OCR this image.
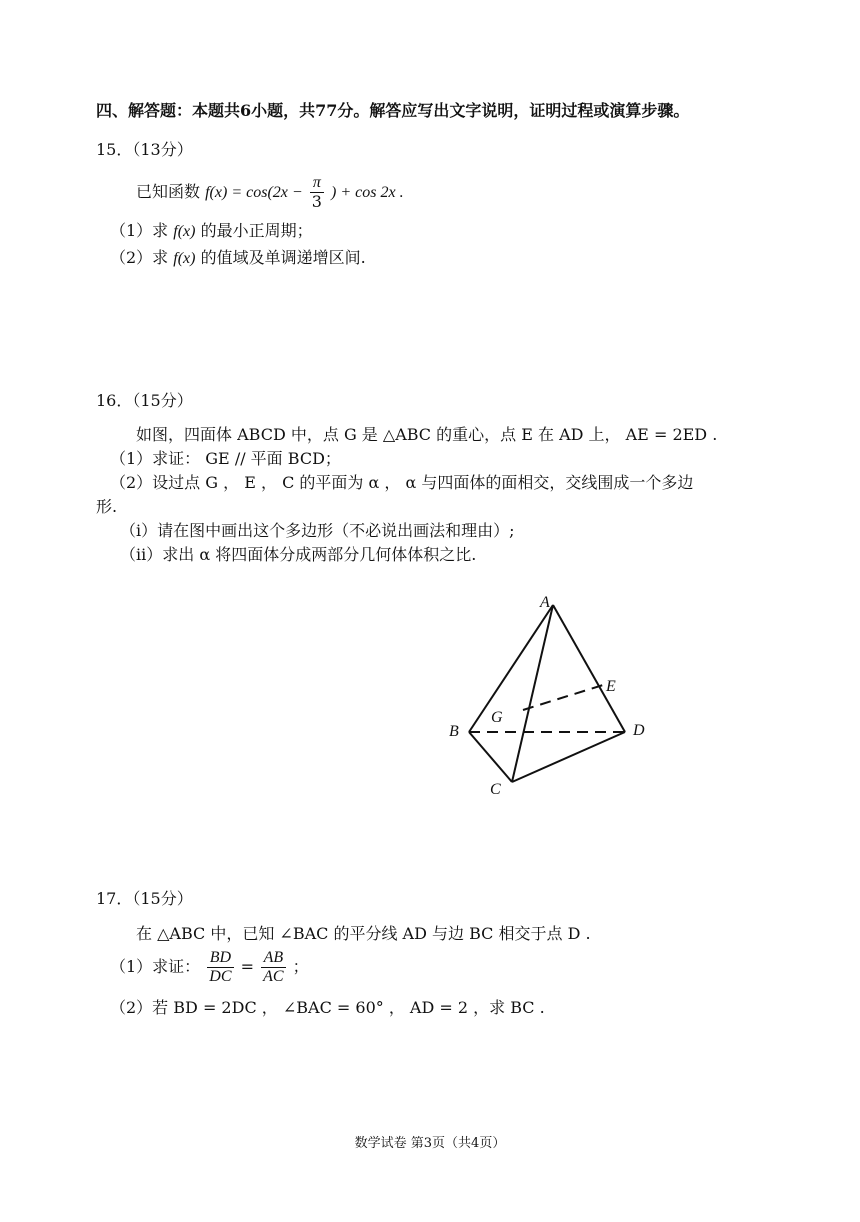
四、解答题：本题共6小题，共77分。解答应写出文字说明，证明过程或演算步骤。
15．（13分）
已知函数 $f(x) = \cos(2x - \frac{\pi}{3}$ ) + cos 2x .
（1）求 f(x) 的最小正周期；
（2）求 f(x) 的值域及单调递增区间.
16．（15分）
如图，四面体 ABCD 中，点 G 是 △ABC 的重心，点 E 在 AD 上， AE = 2ED .
（1）求证： GE // 平面 BCD；
（2）设过点 G ， E ， C 的平面为 α ， α 与四面体的面相交，交线围成一个多边
形.
（i）请在图中画出这个多边形（不必说出画法和理由）;
（ii）求出 α 将四面体分成两部分几何体体积之比.
A
E
G
B	D
C
17．（15分）
在 △ABC 中，已知 ∠BAC 的平分线 AD 与边 BC 相交于点 D .
（1）求证： $\frac{BD}{DC} = \frac{AB}{AC}$ ；
（2）若 BD = 2DC ， ∠BAC = 60° ， AD = 2 ，求 BC .
数学试卷 第3页（共4页）
